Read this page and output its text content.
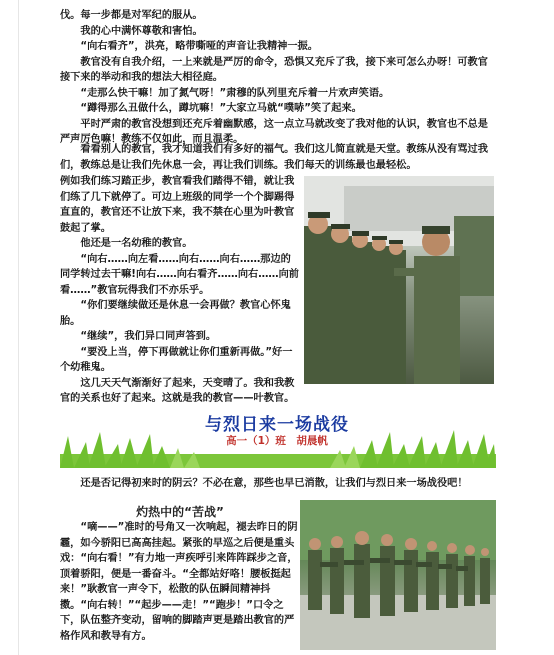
伐。每一步都是对军纪的服从。

我的心中满怀尊敬和害怕。

“向右看齐”，洪亮，略带嘶哑的声音让我精神一振。

教官没有自我介绍，一上来就是严厉的命令，恐惧又充斥了我，接下来可怎么办呀！可教官接下来的举动和我的想法大相径庭。

“走那么快干嘛！加了氮气呀！”肃穆的队列里充斥着一片欢声笑语。

“蹲得那么丑做什么，蹲坑嘛！”大家立马就“噗哧”笑了起来。

平时严肃的教官没想到还充斥着幽默感，这一点立马就改变了我对他的认识，教官也不总是严声厉色嘛！教练不仅如此，而且温柔。

看看别人的教官，我才知道我们有多好的福气。我们这儿简直就是天堂。教练从没有骂过我们，教练总是让我们先休息一会，再让我们训练。我们每天的训练最也最轻松。

例如我们练习踏正步，教官看我们踏得不错，就让我们练了几下就停了。可边上班级的同学一个个脚踢得直直的，教官还不让放下来，我不禁在心里为叶教官鼓起了掌。

他还是一名幼稚的教官。

“向右……向左看……向右……向右……那边的同学转过去干嘛!向右……向右看齐……向右……向前看……”教官玩得我们不亦乐乎。

“你们要继续做还是休息一会再做？教官心怀鬼胎。

“继续”，我们异口同声答到。

“要没上当，停下再做就让你们重新再做。”好一个幼稚鬼。

这几天天气渐渐好了起来，天变晴了。我和我教官的关系也好了起来。这就是我的教官——叶教官。

与烈日来一场战役
高一（1）班　胡晨帆

还是否记得初来时的阴云？不必在意，那些也早已消散，让我们与烈日来一场战役吧！

灼热中的“苦战”

“嘀——”准时的号角又一次响起，褪去昨日的阴霾，如今骄阳已高高挂起。紧张的早巡之后便是重头戏：“向右看！”有力地一声疾呼引来阵阵踩步之音，顶着骄阳，便是一番奋斗。“全都站好咯！腰板挺起来！”耿教官一声令下，松散的队伍瞬间精神抖擞。“向右转！”“起步——走！”“跑步！”口令之下，队伍整齐变动，留响的脚踏声更是踏出教官的严格作风和教导有方。
